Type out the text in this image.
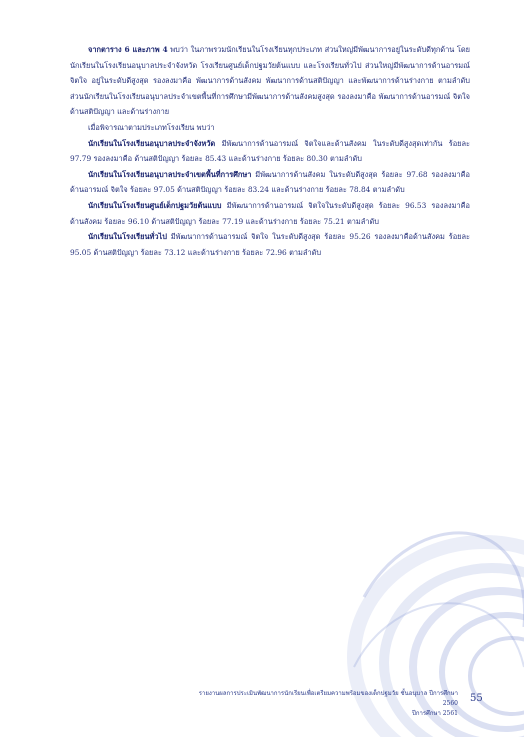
จากตาราง 6 และภาพ 4 พบว่า ในภาพรวมนักเรียนในโรงเรียนทุกประเภท ส่วนใหญ่มีพัฒนาการอยู่ในระดับดีทุกด้าน โดยนักเรียนในโรงเรียนอนุบาลประจำจังหวัด โรงเรียนศูนย์เด็กปฐมวัยต้นแบบ และโรงเรียนทั่วไป ส่วนใหญ่มีพัฒนาการด้านอารมณ์ จิตใจ อยู่ในระดับดีสูงสุด รองลงมาคือ พัฒนาการด้านสังคม พัฒนาการด้านสติปัญญา และพัฒนาการด้านร่างกาย ตามลำดับ ส่วนนักเรียนในโรงเรียนอนุบาลประจำเขตพื้นที่การศึกษามีพัฒนาการด้านสังคมสูงสุด รองลงมาคือ พัฒนาการด้านอารมณ์ จิตใจ ด้านสติปัญญา และด้านร่างกาย

เมื่อพิจารณาตามประเภทโรงเรียน พบว่า

นักเรียนในโรงเรียนอนุบาลประจำจังหวัด มีพัฒนาการด้านอารมณ์ จิตใจและด้านสังคม ในระดับดีสูงสุดเท่ากัน ร้อยละ 97.79 รองลงมาคือ ด้านสติปัญญา ร้อยละ 85.43 และด้านร่างกาย ร้อยละ 80.30 ตามลำดับ

นักเรียนในโรงเรียนอนุบาลประจำเขตพื้นที่การศึกษา มีพัฒนาการด้านสังคม ในระดับดีสูงสุด ร้อยละ 97.68 รองลงมาคือ ด้านอารมณ์ จิตใจ ร้อยละ 97.05 ด้านสติปัญญา ร้อยละ 83.24 และด้านร่างกาย ร้อยละ 78.84 ตามลำดับ

นักเรียนในโรงเรียนศูนย์เด็กปฐมวัยต้นแบบ มีพัฒนาการด้านอารมณ์ จิตใจในระดับดีสูงสุด ร้อยละ 96.53 รองลงมาคือ ด้านสังคม ร้อยละ 96.10 ด้านสติปัญญา ร้อยละ 77.19 และด้านร่างกาย ร้อยละ 75.21 ตามลำดับ

นักเรียนในโรงเรียนทั่วไป มีพัฒนาการด้านอารมณ์ จิตใจ ในระดับดีสูงสุด ร้อยละ 95.26 รองลงมาคือด้านสังคม ร้อยละ 95.05 ด้านสติปัญญา ร้อยละ 73.12 และด้านร่างกาย ร้อยละ 72.96 ตามลำดับ

รายงานผลการประเมินพัฒนาการนักเรียนเพื่อเตรียมความพร้อมของเด็กปฐมวัย ชั้นอนุบาล ปีการศึกษา 2560
ปีการศึกษา 2561
55
